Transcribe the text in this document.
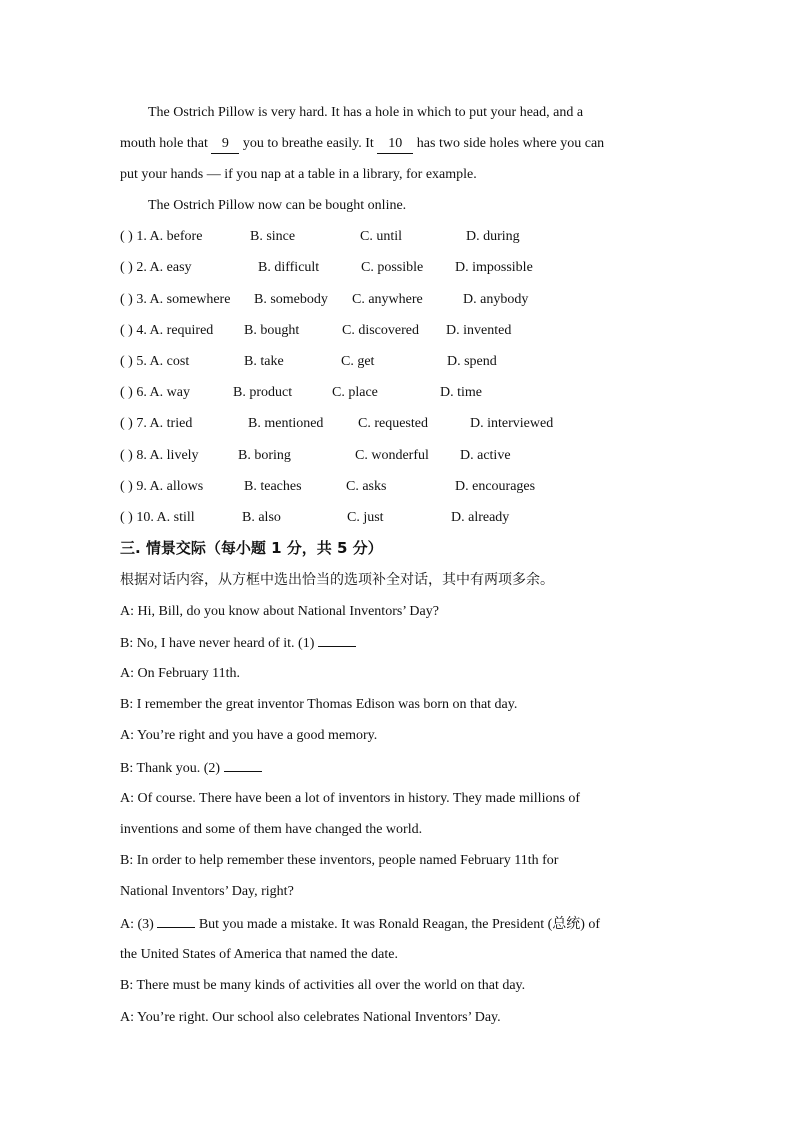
The Ostrich Pillow is very hard. It has a hole in which to put your head, and a
mouth hole that 9 you to breathe easily. It 10 has two side holes where you can
put your hands — if you nap at a table in a library, for example.
The Ostrich Pillow now can be bought online.
( ) 1. A. before	B. since	C. until	D. during
( ) 2. A. easy	B. difficult	C. possible D. impossible
( ) 3. A. somewhere B. somebody C. anywhere	D. anybody
( ) 4. A. required B. bought	C. discovered D. invented
( ) 5. A. cost	B. take	C. get	D. spend
( ) 6. A. way	B. product	C. place	D. time
( ) 7. A. tried	B. mentioned C. requested	D. interviewed
( ) 8. A. lively	B. boring	C. wonderful D. active
( ) 9. A. allows	B. teaches	C. asks	D. encourages
( ) 10. A. still	B. also	C. just	D. already
三. 情景交际（每小题 1 分，共 5 分）
根据对话内容，从方框中选出恰当的选项补全对话，其中有两项多余。
A: Hi, Bill, do you know about National Inventors’ Day?
B: No, I have never heard of it. (1)
A: On February 11th.
B: I remember the great inventor Thomas Edison was born on that day.
A: You’re right and you have a good memory.
B: Thank you. (2)
A: Of course. There have been a lot of inventors in history. They made millions of
inventions and some of them have changed the world.
B: In order to help remember these inventors, people named February 11th for
National Inventors’ Day, right?
A: (3)	But you made a mistake. It was Ronald Reagan, the President (总统) of
the United States of America that named the date.
B: There must be many kinds of activities all over the world on that day.
A: You’re right. Our school also celebrates National Inventors’ Day.
